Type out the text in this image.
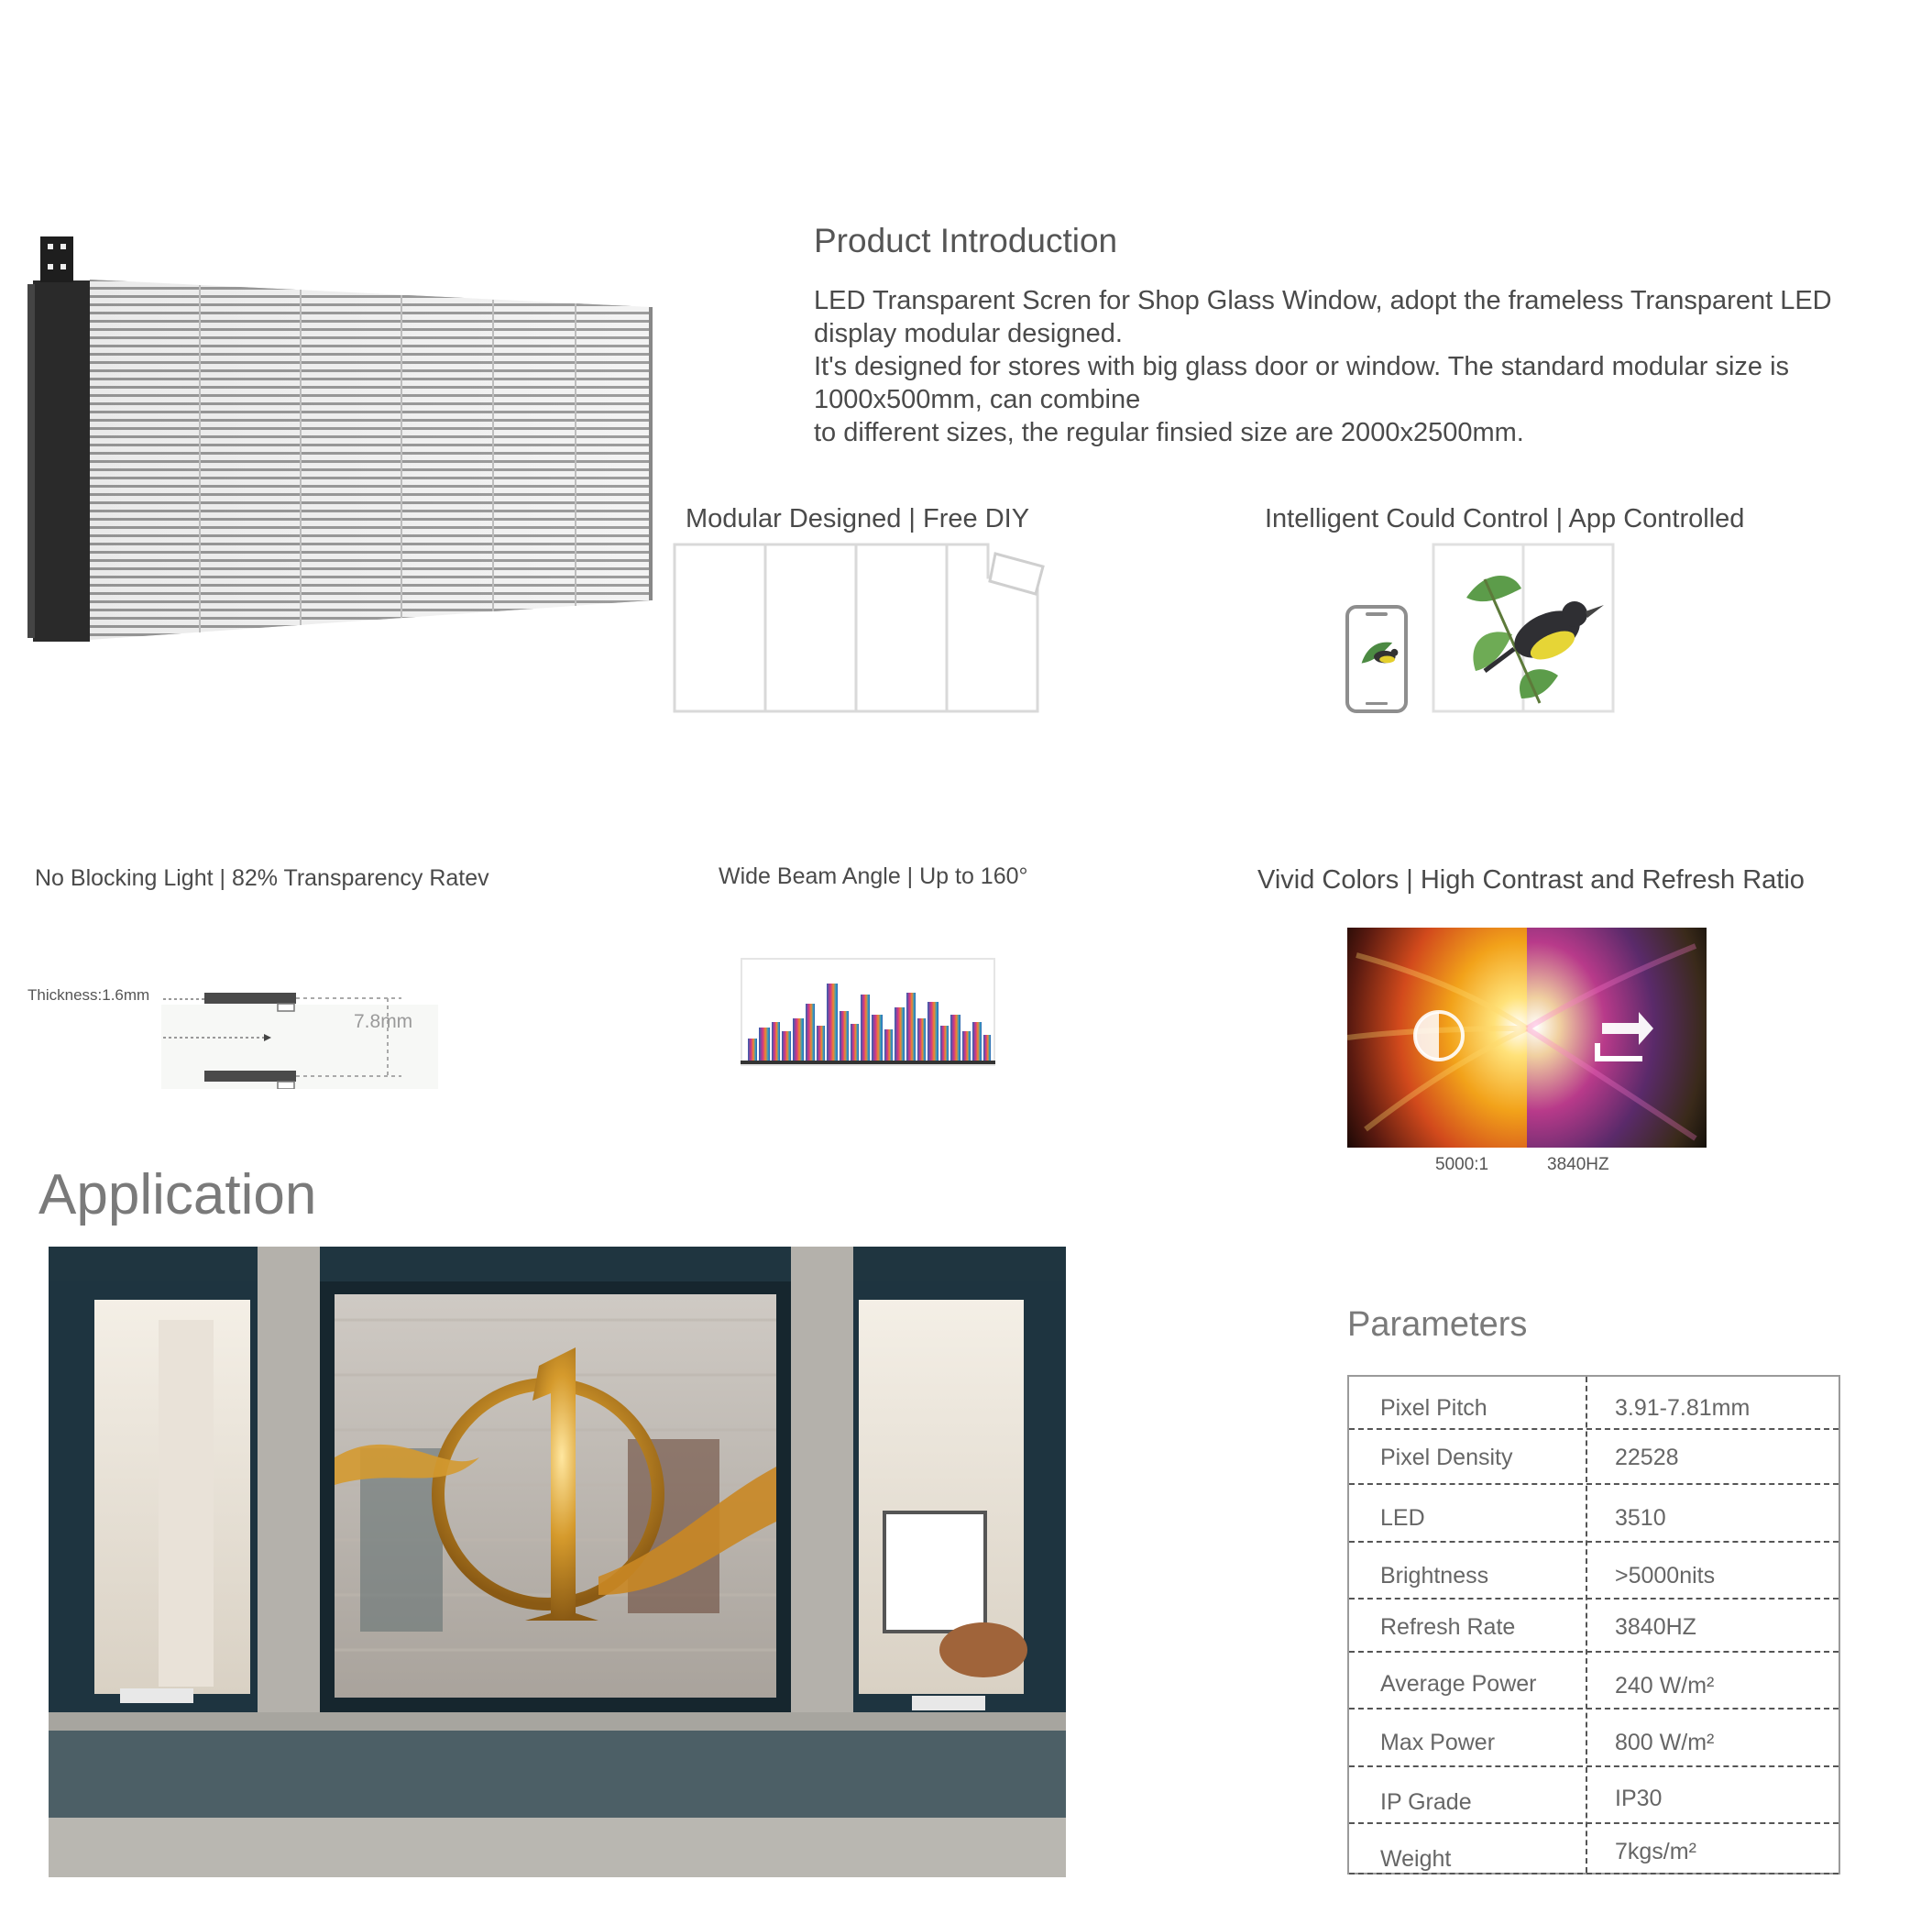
Product Introduction

LED Transparent Scren for Shop Glass Window, adopt the frameless Transparent LED display modular designed.

It's designed for stores with big glass door or window. The standard modular size is 1000x500mm, can combine

to different sizes, the regular finsied size are 2000x2500mm.

Modular Designed | Free DIY	Intelligent Could Control | App Controlled
No Blocking Light | 82% Transparency Ratev
Thickness:1.6mm
7.8mm
Wide Beam Angle | Up to 160°	Vivid Colors | High Contrast and Refresh Ratio
5000:1	3840HZ
Application
Parameters
Pixel Pitch	3.91-7.81mm
Pixel Density	22528
LED	3510
Brightness	>5000nits
Refresh Rate	3840HZ
Average Power	240 W/m²
Max Power	800 W/m²
IP Grade	IP30
Weight	7kgs/m²
